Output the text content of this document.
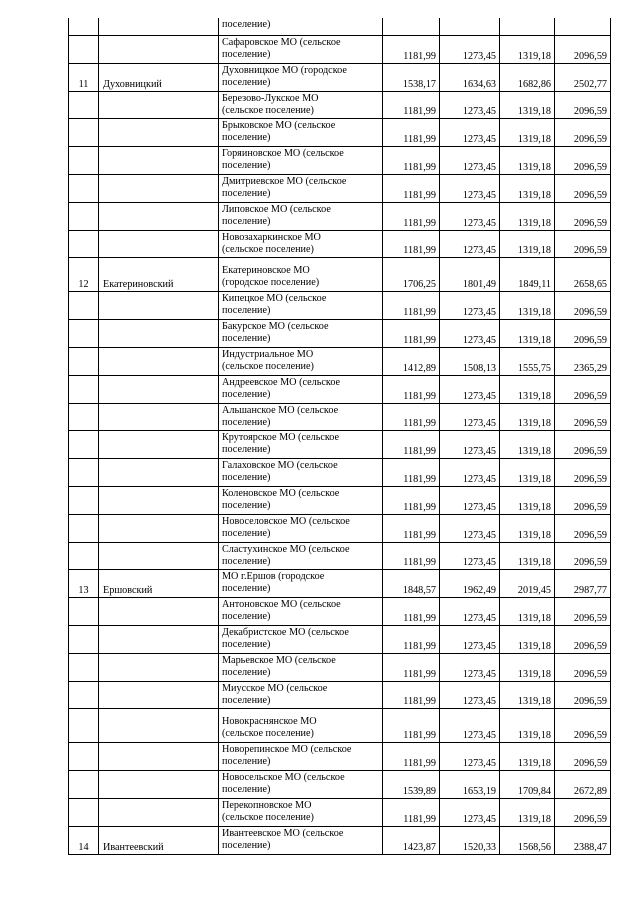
		поселение)				

		Сафаровское МО (сельское
поселение)	1181,99	1273,45	1319,18	2096,59
11	Духовницкий	Духовницкое МО (городское
поселение)	1538,17	1634,63	1682,86	2502,77

		Березово-Лукское МО
(сельское поселение)	1181,99	1273,45	1319,18	2096,59

		Брыковское МО (сельское
поселение)	1181,99	1273,45	1319,18	2096,59

		Горяиновское МО (сельское
поселение)	1181,99	1273,45	1319,18	2096,59

		Дмитриевское МО (сельское
поселение)	1181,99	1273,45	1319,18	2096,59

		Липовское МО (сельское
поселение)	1181,99	1273,45	1319,18	2096,59

		Новозахаркинское МО
(сельское поселение)	1181,99	1273,45	1319,18	2096,59
12	Екатериновский	Екатериновское МО
(городское поселение)	1706,25	1801,49	1849,11	2658,65

		Кипецкое МО (сельское
поселение)	1181,99	1273,45	1319,18	2096,59

		Бакурское МО (сельское
поселение)	1181,99	1273,45	1319,18	2096,59

		Индустриальное МО
(сельское поселение)	1412,89	1508,13	1555,75	2365,29

		Андреевское МО (сельское
поселение)	1181,99	1273,45	1319,18	2096,59

		Альшанское МО (сельское
поселение)	1181,99	1273,45	1319,18	2096,59

		Крутоярское МО (сельское
поселение)	1181,99	1273,45	1319,18	2096,59

		Галаховское МО (сельское
поселение)	1181,99	1273,45	1319,18	2096,59

		Коленовское МО (сельское
поселение)	1181,99	1273,45	1319,18	2096,59

		Новоселовское МО (сельское
поселение)	1181,99	1273,45	1319,18	2096,59

		Сластухинское МО (сельское
поселение)	1181,99	1273,45	1319,18	2096,59
13	Ершовский	МО г.Ершов (городское
поселение)	1848,57	1962,49	2019,45	2987,77

		Антоновское МО (сельское
поселение)	1181,99	1273,45	1319,18	2096,59

		Декабристское МО (сельское
поселение)	1181,99	1273,45	1319,18	2096,59

		Марьевское МО (сельское
поселение)	1181,99	1273,45	1319,18	2096,59

		Миусское МО (сельское
поселение)	1181,99	1273,45	1319,18	2096,59

		Новокраснянское МО
(сельское поселение)	1181,99	1273,45	1319,18	2096,59

		Новорепинское МО (сельское
поселение)	1181,99	1273,45	1319,18	2096,59

		Новосельское МО (сельское
поселение)	1539,89	1653,19	1709,84	2672,89

		Перекопновское МО
(сельское поселение)	1181,99	1273,45	1319,18	2096,59
14	Ивантеевский	Ивантеевское МО (сельское
поселение)	1423,87	1520,33	1568,56	2388,47
